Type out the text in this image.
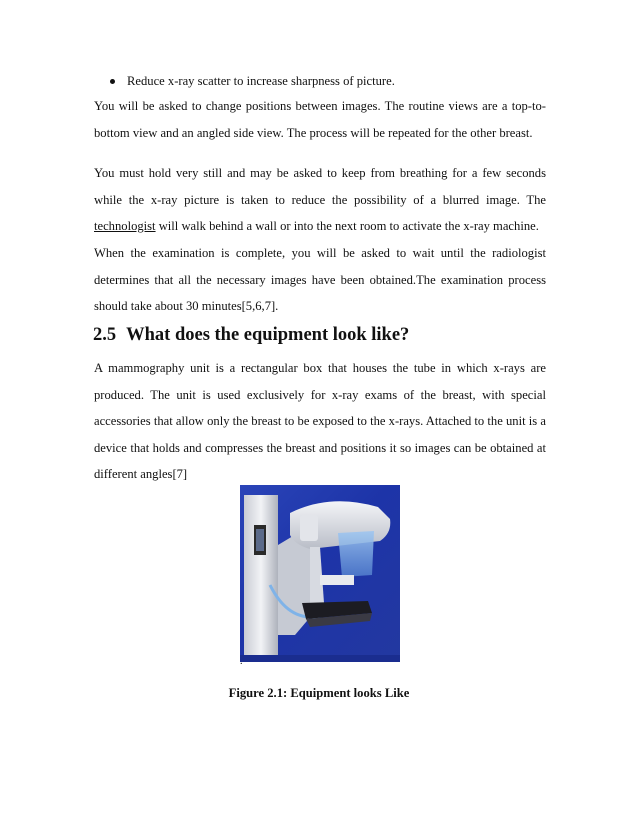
Reduce x-ray scatter to increase sharpness of picture.

You will be asked to change positions between images. The routine views are a top-to-bottom view and an angled side view. The process will be repeated for the other breast.

You must hold very still and may be asked to keep from breathing for a few seconds while the x-ray picture is taken to reduce the possibility of a blurred image. The technologist will walk behind a wall or into the next room to activate the x-ray machine.

When the examination is complete, you will be asked to wait until the radiologist determines that all the necessary images have been obtained.The examination process should take about 30 minutes[5,6,7].

2.5 What does the equipment look like?

A mammography unit is a rectangular box that houses the tube in which x-rays are produced. The unit is used exclusively for x-ray exams of the breast, with special accessories that allow only the breast to be exposed to the x-rays. Attached to the unit is a device that holds and compresses the breast and positions it so images can be obtained at different angles[7]

.
Figure 2.1: Equipment looks Like
